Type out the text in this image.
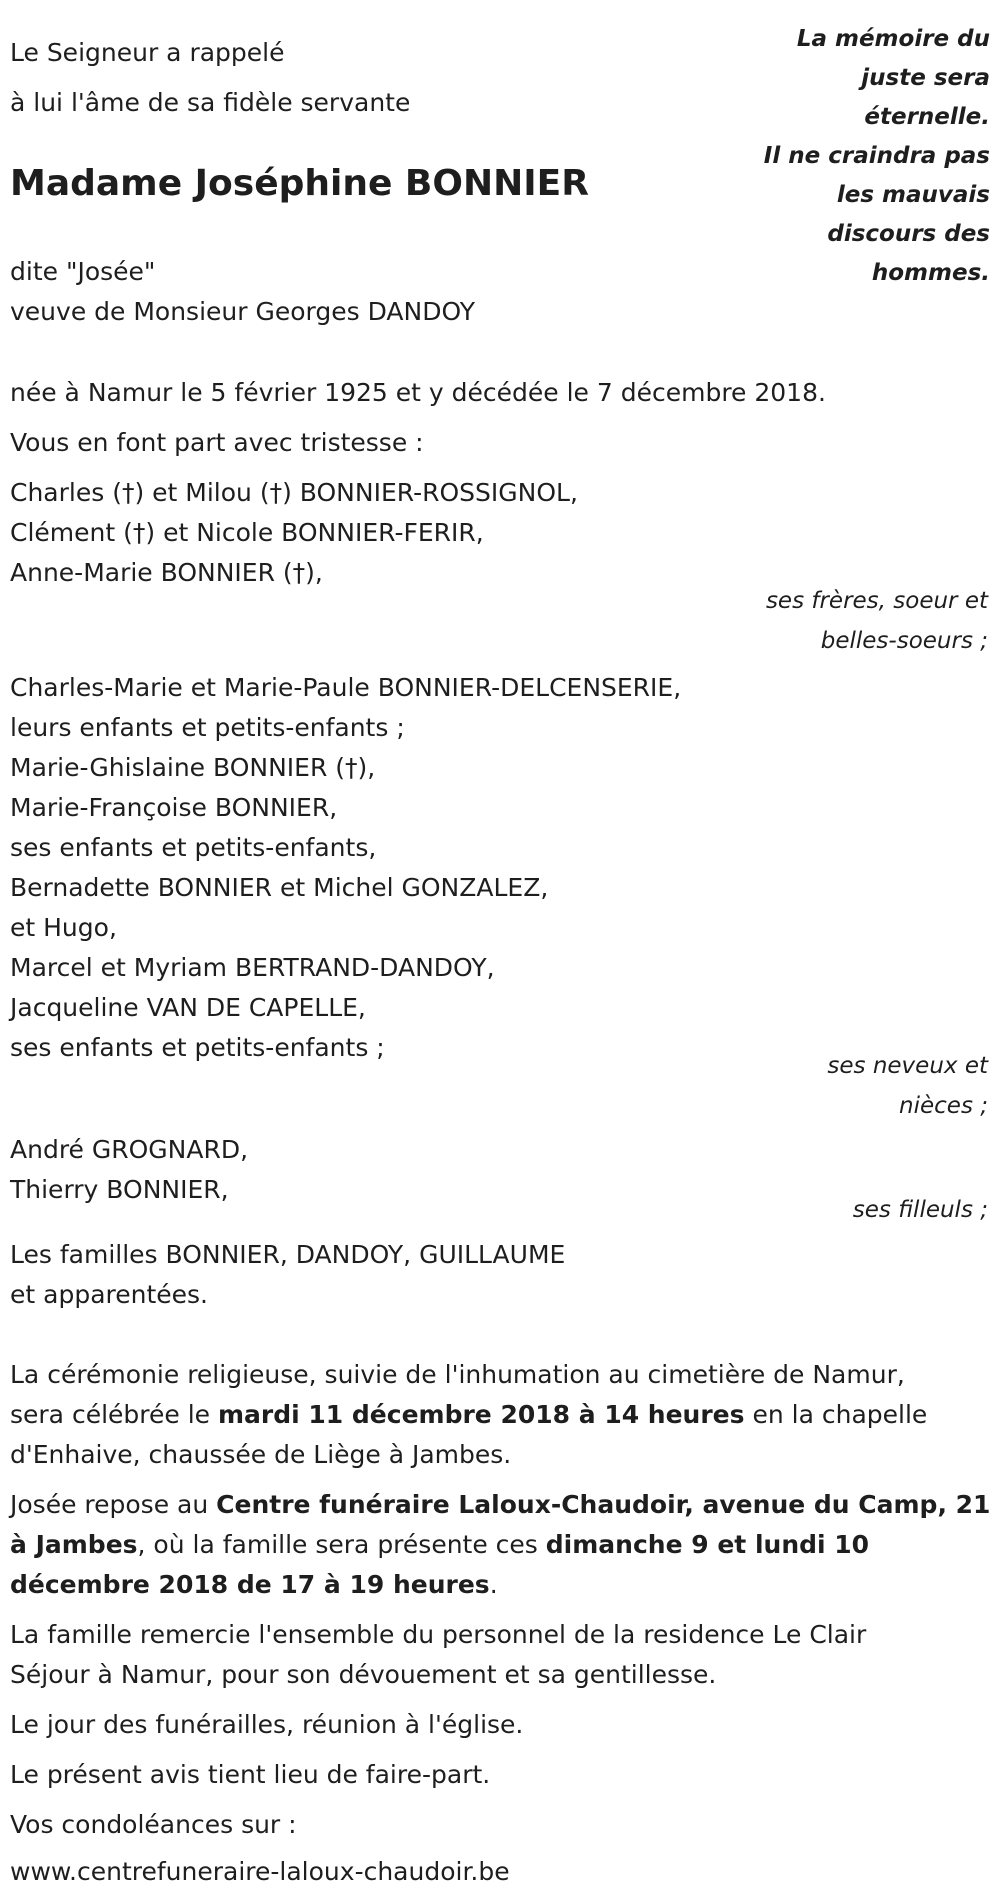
La mémoire du
juste sera
éternelle.
Il ne craindra pas
les mauvais
discours des
hommes.
Le Seigneur a rappelé
à lui l'âme de sa fidèle servante
Madame Joséphine BONNIER
dite "Josée"
veuve de Monsieur Georges DANDOY
née à Namur le 5 février 1925 et y décédée le 7 décembre 2018.
Vous en font part avec tristesse :
Charles (†) et Milou (†) BONNIER-ROSSIGNOL,
Clément (†) et Nicole BONNIER-FERIR,
Anne-Marie BONNIER (†),
Charles-Marie et Marie-Paule BONNIER-DELCENSERIE,
leurs enfants et petits-enfants ;
Marie-Ghislaine BONNIER (†),
Marie-Françoise BONNIER,
ses enfants et petits-enfants,
Bernadette BONNIER et Michel GONZALEZ,
et Hugo,
Marcel et Myriam BERTRAND-DANDOY,
Jacqueline VAN DE CAPELLE,
ses enfants et petits-enfants ;
André GROGNARD,
Thierry BONNIER,
Les familles BONNIER, DANDOY, GUILLAUME
et apparentées.
La cérémonie religieuse, suivie de l'inhumation au cimetière de Namur,
sera célébrée le mardi 11 décembre 2018 à 14 heures en la chapelle
d'Enhaive, chaussée de Liège à Jambes.
Josée repose au Centre funéraire Laloux-Chaudoir, avenue du Camp, 21
à Jambes, où la famille sera présente ces dimanche 9 et lundi 10
décembre 2018 de 17 à 19 heures.
La famille remercie l'ensemble du personnel de la residence Le Clair
Séjour à Namur, pour son dévouement et sa gentillesse.
Le jour des funérailles, réunion à l'église.
Le présent avis tient lieu de faire-part.
Vos condoléances sur :
www.centrefuneraire-laloux-chaudoir.be
ses frères, soeur et
belles-soeurs ;
ses neveux et
nièces ;
ses filleuls ;
